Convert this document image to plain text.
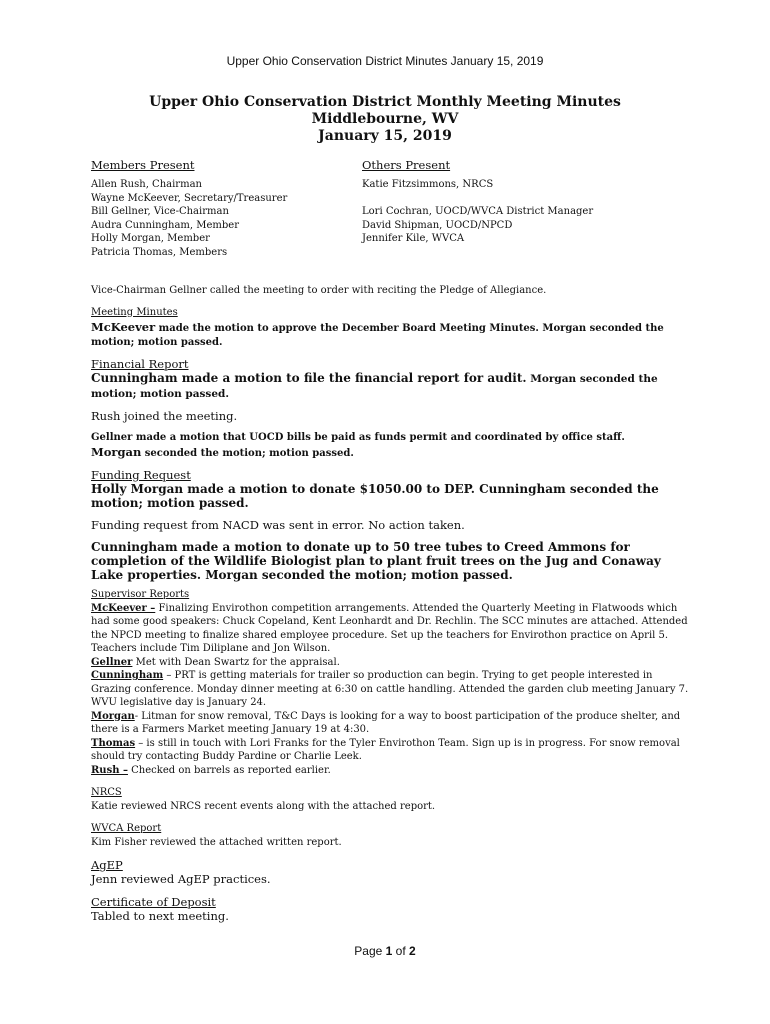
Upper Ohio Conservation District Minutes January 15, 2019
Upper Ohio Conservation District Monthly Meeting Minutes
Middlebourne, WV
January 15, 2019
Members Present
Allen Rush, Chairman
Wayne McKeever, Secretary/Treasurer
Bill Gellner, Vice-Chairman
Audra Cunningham, Member
Holly Morgan, Member
Patricia Thomas, Members
Others Present
Katie Fitzsimmons, NRCS
Lori Cochran, UOCD/WVCA District Manager
David Shipman, UOCD/NPCD
Jennifer Kile, WVCA

Vice-Chairman Gellner called the meeting to order with reciting the Pledge of Allegiance.

Meeting Minutes

McKeever made the motion to approve the December Board Meeting Minutes. Morgan seconded the motion; motion passed.

Financial Report

Cunningham made a motion to file the financial report for audit. Morgan seconded the motion; motion passed.

Rush joined the meeting.

Gellner made a motion that UOCD bills be paid as funds permit and coordinated by office staff.
Morgan seconded the motion; motion passed.

Funding Request

Holly Morgan made a motion to donate $1050.00 to DEP. Cunningham seconded the motion; motion passed.

Funding request from NACD was sent in error. No action taken.

Cunningham made a motion to donate up to 50 tree tubes to Creed Ammons for completion of the Wildlife Biologist plan to plant fruit trees on the Jug and Conaway Lake properties. Morgan seconded the motion; motion passed.

Supervisor Reports

McKeever – Finalizing Envirothon competition arrangements. Attended the Quarterly Meeting in Flatwoods which had some good speakers: Chuck Copeland, Kent Leonhardt and Dr. Rechlin. The SCC minutes are attached. Attended the NPCD meeting to finalize shared employee procedure. Set up the teachers for Envirothon practice on April 5. Teachers include Tim Diliplane and Jon Wilson.

Gellner Met with Dean Swartz for the appraisal.

Cunningham – PRT is getting materials for trailer so production can begin. Trying to get people interested in Grazing conference. Monday dinner meeting at 6:30 on cattle handling. Attended the garden club meeting January 7. WVU legislative day is January 24.

Morgan- Litman for snow removal, T&C Days is looking for a way to boost participation of the produce shelter, and there is a Farmers Market meeting January 19 at 4:30.

Thomas – is still in touch with Lori Franks for the Tyler Envirothon Team. Sign up is in progress. For snow removal should try contacting Buddy Pardine or Charlie Leek.

Rush – Checked on barrels as reported earlier.

NRCS

Katie reviewed NRCS recent events along with the attached report.

WVCA Report

Kim Fisher reviewed the attached written report.

AgEP

Jenn reviewed AgEP practices.

Certificate of Deposit

Tabled to next meeting.

Page 1 of 2
